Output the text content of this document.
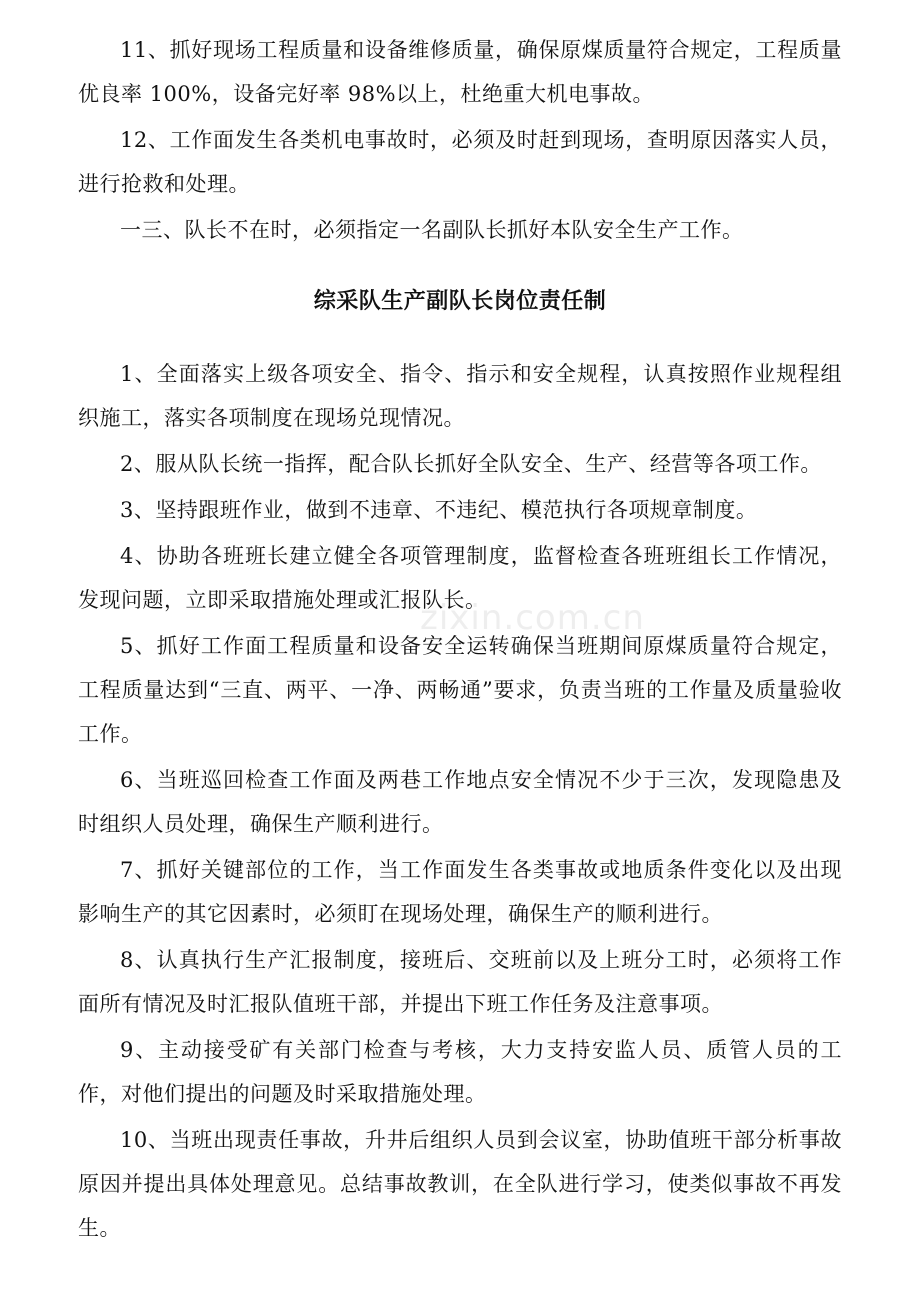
11、抓好现场工程质量和设备维修质量，确保原煤质量符合规定，工程质量优良率 100%，设备完好率 98%以上，杜绝重大机电事故。

12、工作面发生各类机电事故时，必须及时赶到现场，查明原因落实人员，进行抢救和处理。

一三、队长不在时，必须指定一名副队长抓好本队安全生产工作。

综采队生产副队长岗位责任制

1、全面落实上级各项安全、指令、指示和安全规程，认真按照作业规程组织施工，落实各项制度在现场兑现情况。

2、服从队长统一指挥，配合队长抓好全队安全、生产、经营等各项工作。

3、坚持跟班作业，做到不违章、不违纪、模范执行各项规章制度。

4、协助各班班长建立健全各项管理制度，监督检查各班班组长工作情况，发现问题，立即采取措施处理或汇报队长。

5、抓好工作面工程质量和设备安全运转确保当班期间原煤质量符合规定，工程质量达到“三直、两平、一净、两畅通”要求，负责当班的工作量及质量验收工作。

6、当班巡回检查工作面及两巷工作地点安全情况不少于三次，发现隐患及时组织人员处理，确保生产顺利进行。

7、抓好关键部位的工作，当工作面发生各类事故或地质条件变化以及出现影响生产的其它因素时，必须盯在现场处理，确保生产的顺利进行。

8、认真执行生产汇报制度，接班后、交班前以及上班分工时，必须将工作面所有情况及时汇报队值班干部，并提出下班工作任务及注意事项。

9、主动接受矿有关部门检查与考核，大力支持安监人员、质管人员的工作，对他们提出的问题及时采取措施处理。

10、当班出现责任事故，升井后组织人员到会议室，协助值班干部分析事故原因并提出具体处理意见。总结事故教训，在全队进行学习，使类似事故不再发生。

zixin.com.cn
